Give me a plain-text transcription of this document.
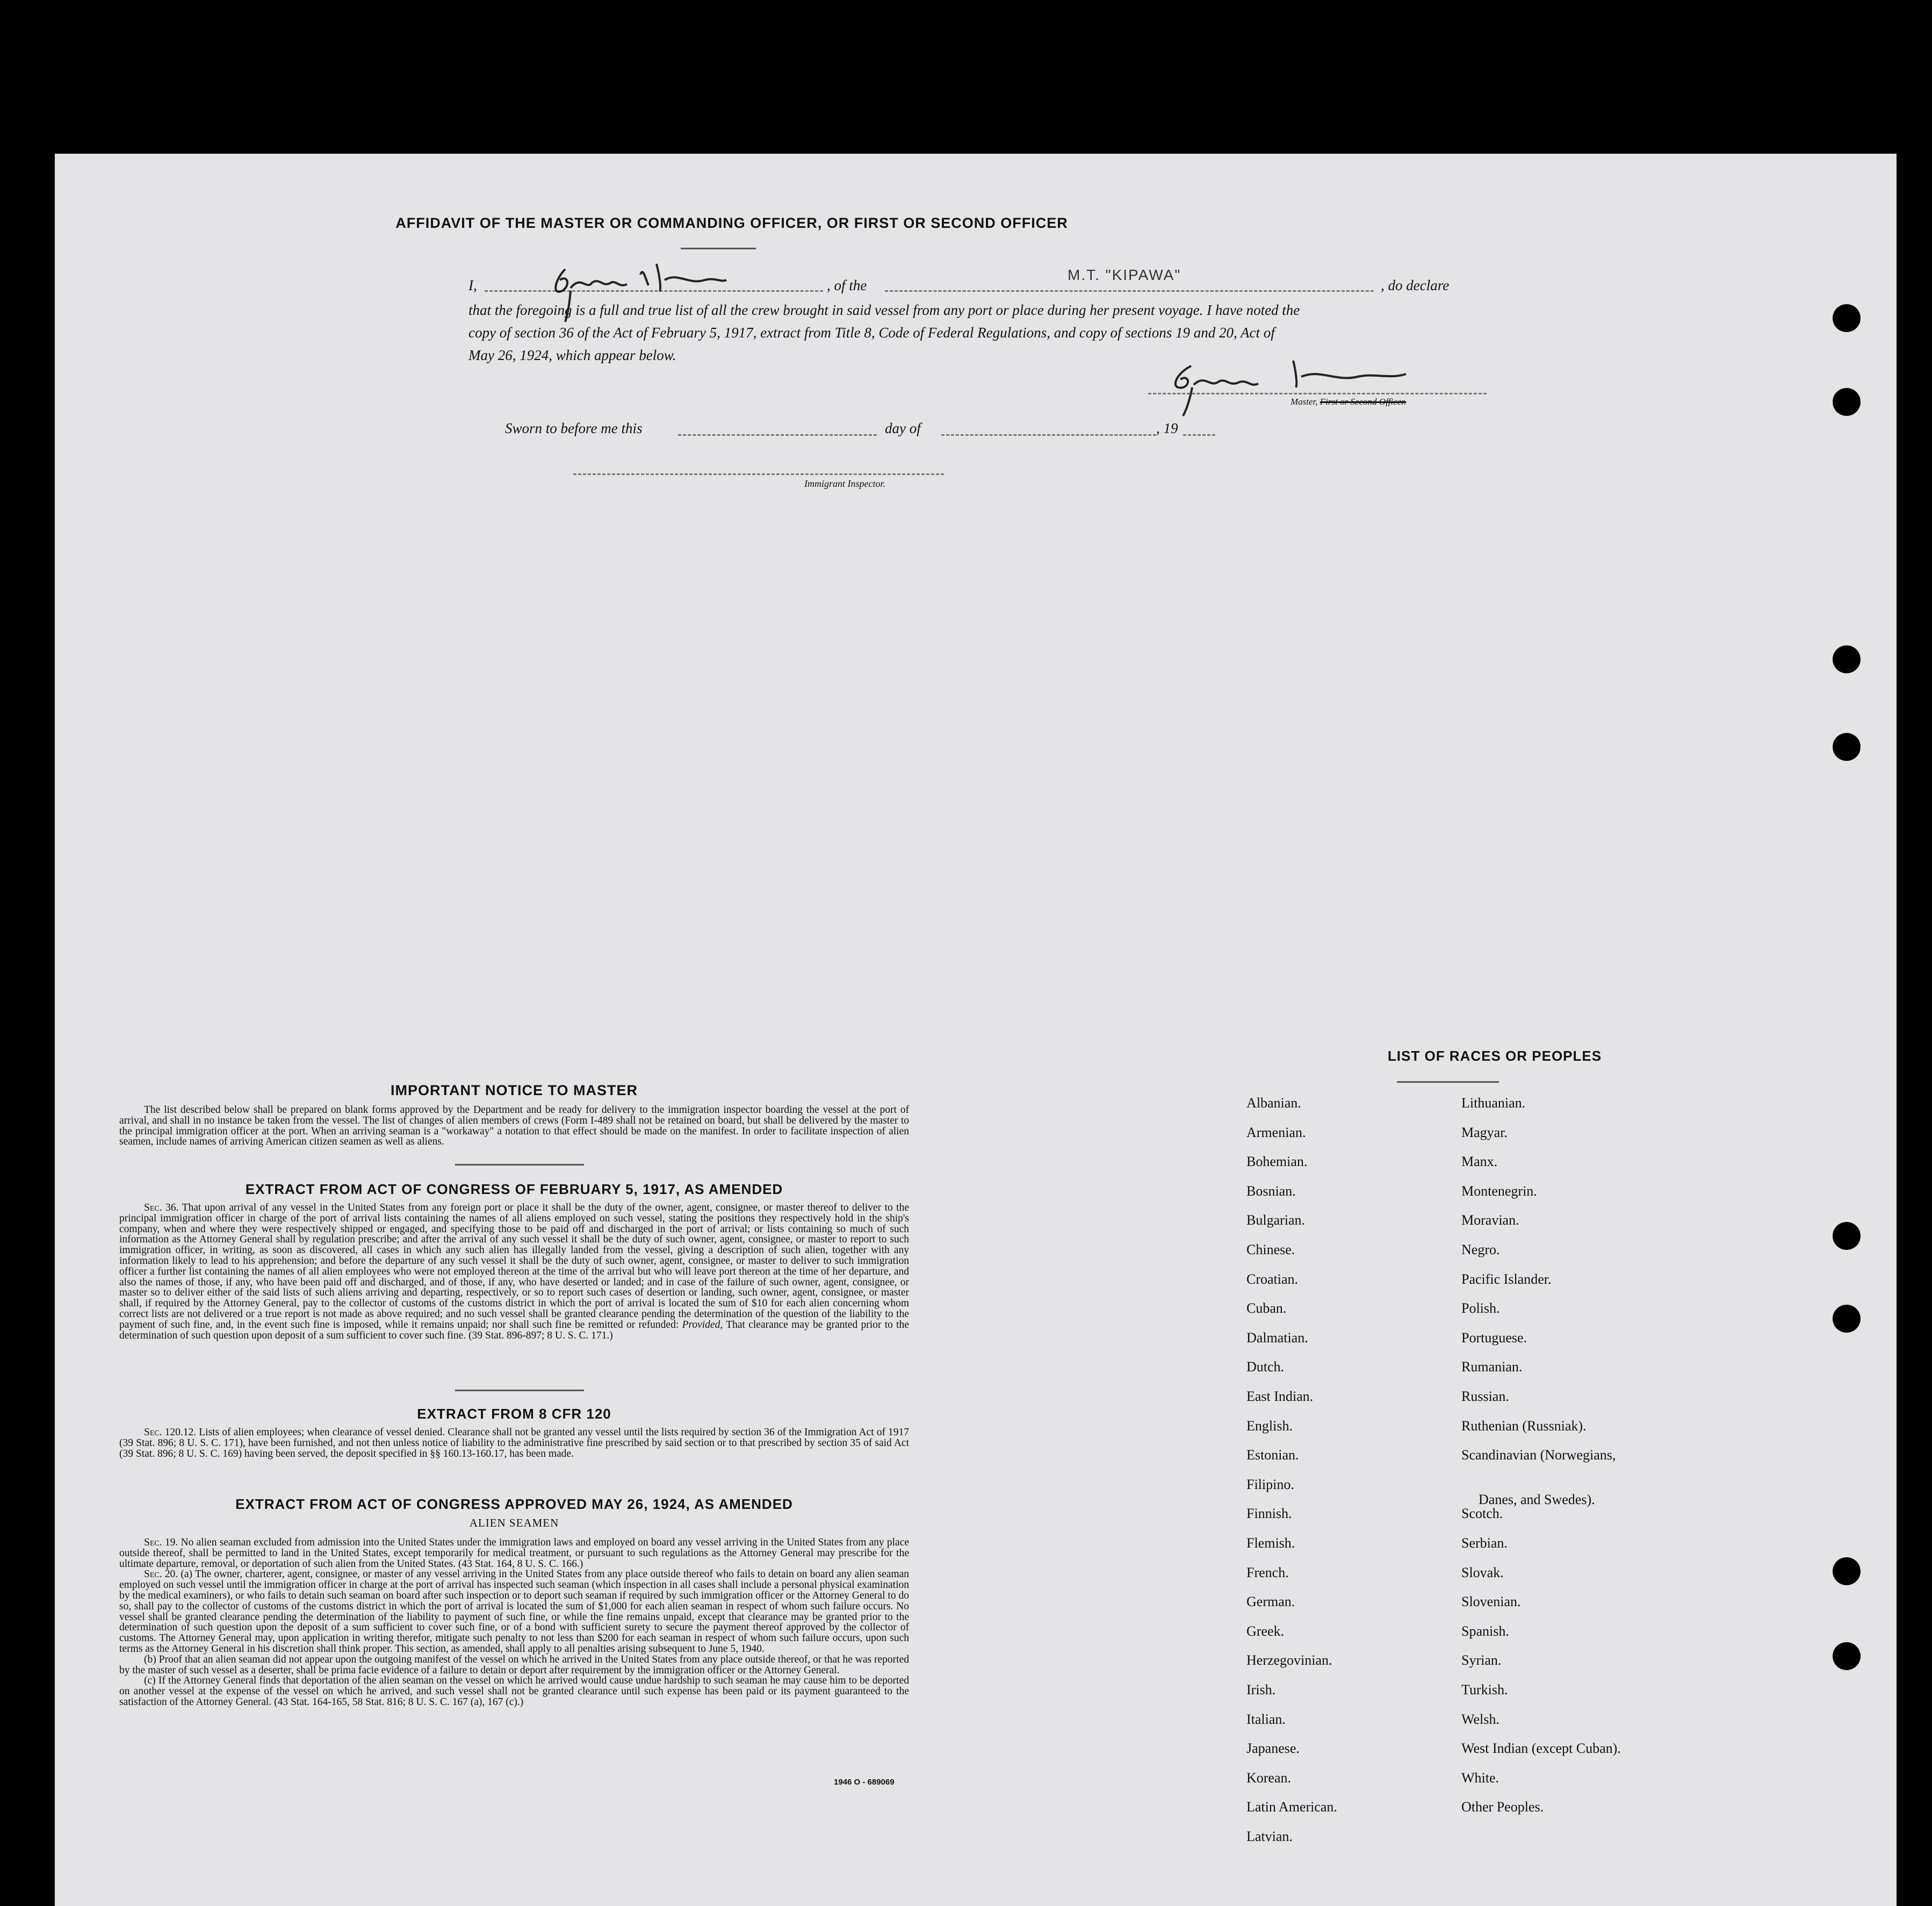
AFFIDAVIT OF THE MASTER OR COMMANDING OFFICER, OR FIRST OR SECOND OFFICER
I,	, of the
M.T. "KIPAWA"
, do declare
that the foregoing is a full and true list of all the crew brought in said vessel from any port or place during her present voyage. I have noted the
copy of section 36 of the Act of February 5, 1917, extract from Title 8, Code of Federal Regulations, and copy of sections 19 and 20, Act of
May 26, 1924, which appear below.
Master, First or Second Officer.
Sworn to before me this	day of	, 19
Immigrant Inspector.
IMPORTANT NOTICE TO MASTER

The list described below shall be prepared on blank forms approved by the Department and be ready for delivery to the immigration inspector boarding the vessel at the port of arrival, and shall in no instance be taken from the vessel. The list of changes of alien members of crews (Form I-489 shall not be retained on board, but shall be delivered by the master to the principal immigration officer at the port. When an arriving seaman is a "workaway" a notation to that effect should be made on the manifest. In order to facilitate inspection of alien seamen, include names of arriving American citizen seamen as well as aliens.

EXTRACT FROM ACT OF CONGRESS OF FEBRUARY 5, 1917, AS AMENDED

Sec. 36. That upon arrival of any vessel in the United States from any foreign port or place it shall be the duty of the owner, agent, consignee, or master thereof to deliver to the principal immigration officer in charge of the port of arrival lists containing the names of all aliens employed on such vessel, stating the positions they respectively hold in the ship's company, when and where they were respectively shipped or engaged, and specifying those to be paid off and discharged in the port of arrival; or lists containing so much of such information as the Attorney General shall by regulation prescribe; and after the arrival of any such vessel it shall be the duty of such owner, agent, consignee, or master to report to such immigration officer, in writing, as soon as discovered, all cases in which any such alien has illegally landed from the vessel, giving a description of such alien, together with any information likely to lead to his apprehension; and before the departure of any such vessel it shall be the duty of such owner, agent, consignee, or master to deliver to such immigration officer a further list containing the names of all alien employees who were not employed thereon at the time of the arrival but who will leave port thereon at the time of her departure, and also the names of those, if any, who have been paid off and discharged, and of those, if any, who have deserted or landed; and in case of the failure of such owner, agent, consignee, or master so to deliver either of the said lists of such aliens arriving and departing, respectively, or so to report such cases of desertion or landing, such owner, agent, consignee, or master shall, if required by the Attorney General, pay to the collector of customs of the customs district in which the port of arrival is located the sum of $10 for each alien concerning whom correct lists are not delivered or a true report is not made as above required; and no such vessel shall be granted clearance pending the determination of the question of the liability to the payment of such fine, and, in the event such fine is imposed, while it remains unpaid; nor shall such fine be remitted or refunded: Provided, That clearance may be granted prior to the determination of such question upon deposit of a sum sufficient to cover such fine. (39 Stat. 896-897; 8 U. S. C. 171.)

EXTRACT FROM 8 CFR 120

Sec. 120.12. Lists of alien employees; when clearance of vessel denied. Clearance shall not be granted any vessel until the lists required by section 36 of the Immigration Act of 1917 (39 Stat. 896; 8 U. S. C. 171), have been furnished, and not then unless notice of liability to the administrative fine prescribed by said section or to that prescribed by section 35 of said Act (39 Stat. 896; 8 U. S. C. 169) having been served, the deposit specified in §§ 160.13-160.17, has been made.

EXTRACT FROM ACT OF CONGRESS APPROVED MAY 26, 1924, AS AMENDED
ALIEN SEAMEN

Sec. 19. No alien seaman excluded from admission into the United States under the immigration laws and employed on board any vessel arriving in the United States from any place outside thereof, shall be permitted to land in the United States, except temporarily for medical treatment, or pursuant to such regulations as the Attorney General may prescribe for the ultimate departure, removal, or deportation of such alien from the United States. (43 Stat. 164, 8 U. S. C. 166.)

Sec. 20. (a) The owner, charterer, agent, consignee, or master of any vessel arriving in the United States from any place outside thereof who fails to detain on board any alien seaman employed on such vessel until the immigration officer in charge at the port of arrival has inspected such seaman (which inspection in all cases shall include a personal physical examination by the medical examiners), or who fails to detain such seaman on board after such inspection or to deport such seaman if required by such immigration officer or the Attorney General to do so, shall pay to the collector of customs of the customs district in which the port of arrival is located the sum of $1,000 for each alien seaman in respect of whom such failure occurs. No vessel shall be granted clearance pending the determination of the liability to payment of such fine, or while the fine remains unpaid, except that clearance may be granted prior to the determination of such question upon the deposit of a sum sufficient to cover such fine, or of a bond with sufficient surety to secure the payment thereof approved by the collector of customs. The Attorney General may, upon application in writing therefor, mitigate such penalty to not less than $200 for each seaman in respect of whom such failure occurs, upon such terms as the Attorney General in his discretion shall think proper. This section, as amended, shall apply to all penalties arising subsequent to June 5, 1940.

(b) Proof that an alien seaman did not appear upon the outgoing manifest of the vessel on which he arrived in the United States from any place outside thereof, or that he was reported by the master of such vessel as a deserter, shall be prima facie evidence of a failure to detain or deport after requirement by the immigration officer or the Attorney General.

(c) If the Attorney General finds that deportation of the alien seaman on the vessel on which he arrived would cause undue hardship to such seaman he may cause him to be deported on another vessel at the expense of the vessel on which he arrived, and such vessel shall not be granted clearance until such expense has been paid or its payment guaranteed to the satisfaction of the Attorney General. (43 Stat. 164-165, 58 Stat. 816; 8 U. S. C. 167 (a), 167 (c).)

1946 O - 689069
LIST OF RACES OR PEOPLES
Albanian.
Armenian.
Bohemian.
Bosnian.
Bulgarian.
Chinese.
Croatian.
Cuban.
Dalmatian.
Dutch.
East Indian.
English.
Estonian.
Filipino.
Finnish.
Flemish.
French.
German.
Greek.
Herzegovinian.
Irish.
Italian.
Japanese.
Korean.
Latin American.
Latvian.
Lithuanian.
Magyar.
Manx.
Montenegrin.
Moravian.
Negro.
Pacific Islander.
Polish.
Portuguese.
Rumanian.
Russian.
Ruthenian (Russniak).
Scandinavian (Norwegians,
Danes, and Swedes).
Scotch.
Serbian.
Slovak.
Slovenian.
Spanish.
Syrian.
Turkish.
Welsh.
West Indian (except Cuban).
White.
Other Peoples.
